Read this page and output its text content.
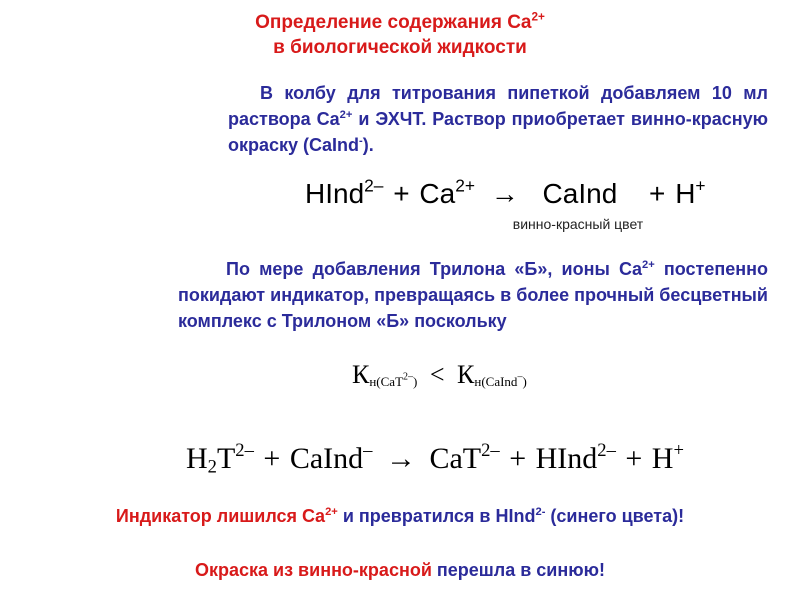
Определение содержания $Ca^{2+}$
в биологической жидкости
В колбу для титрования пипеткой добавляем 10 мл раствора $Ca^{2+}$ и ЭХЧТ. Раствор приобретает винно-красную окраску (CaInd-).
HInd$^{2-}$ + $Ca^{2+}$ → CaInd + H+
винно-красный цвет
По мере добавления Трилона «Б», ионы $Ca^{2+}$ постепенно покидают индикатор, превращаясь в более прочный бесцветный комплекс с Трилоном «Б» поскольку
$К_{н(CaT^{2-})} < К_{н(CaInd^-)}$
$H_2T^{2-}$ + CaInd– → CaT$^{2-}$ + HInd$^{2-}$ + H+
Индикатор лишился $Ca^{2+}$ и превратился в HInd$^{2-}$ (синего цвета)!
Окраска из винно-красной перешла в синюю!
